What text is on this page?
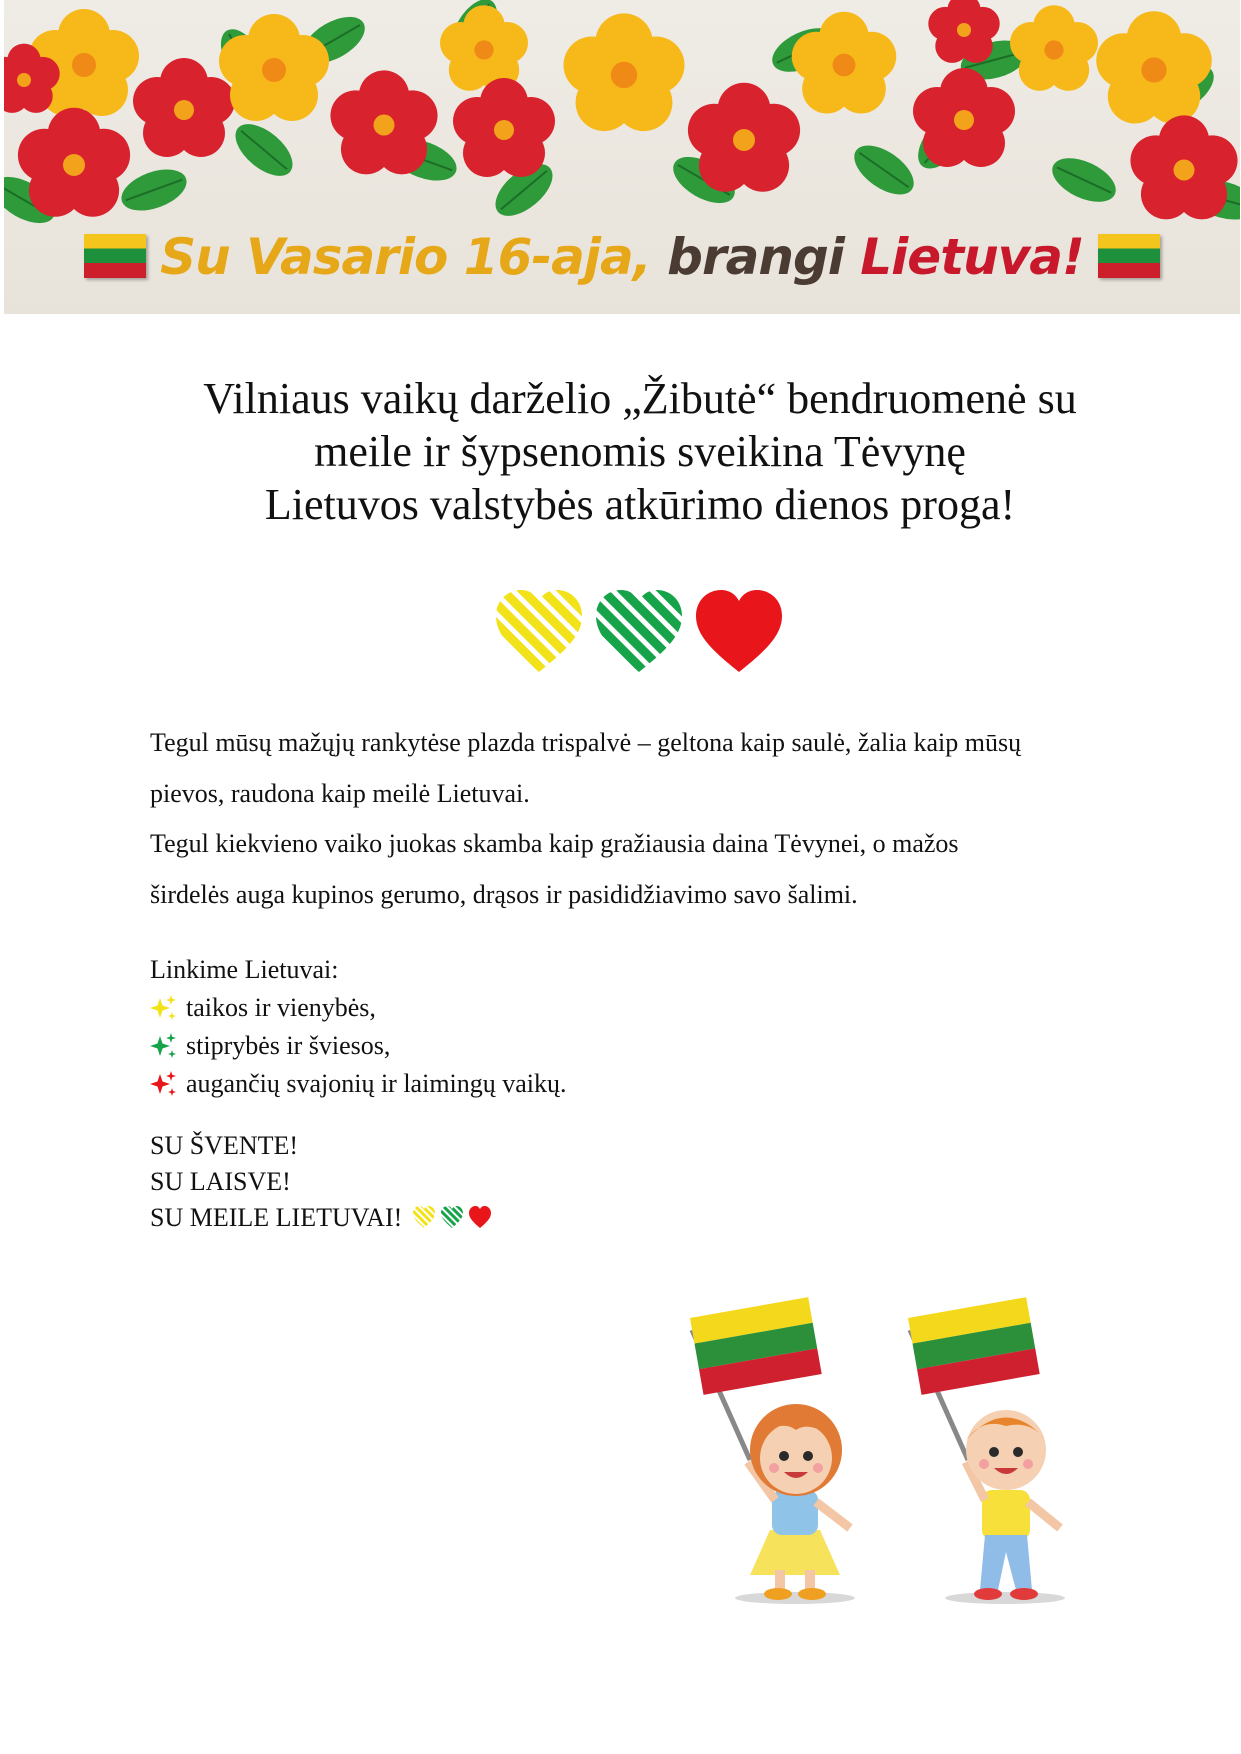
Su Vasario 16-aja, brangi Lietuva!
Vilniaus vaikų darželio „Žibutė“ bendruomenė su
meile ir šypsenomis sveikina Tėvynę
Lietuvos valstybės atkūrimo dienos proga!
Tegul mūsų mažųjų rankytėse plazda trispalvė – geltona kaip saulė, žalia kaip mūsų
pievos, raudona kaip meilė Lietuvai.
Tegul kiekvieno vaiko juokas skamba kaip gražiausia daina Tėvynei, o mažos
širdelės auga kupinos gerumo, drąsos ir pasididžiavimo savo šalimi.
Linkime Lietuvai:
taikos ir vienybės,
stiprybės ir šviesos,
augančių svajonių ir laimingų vaikų.
SU ŠVENTE!
SU LAISVE!
SU MEILE LIETUVAI!
